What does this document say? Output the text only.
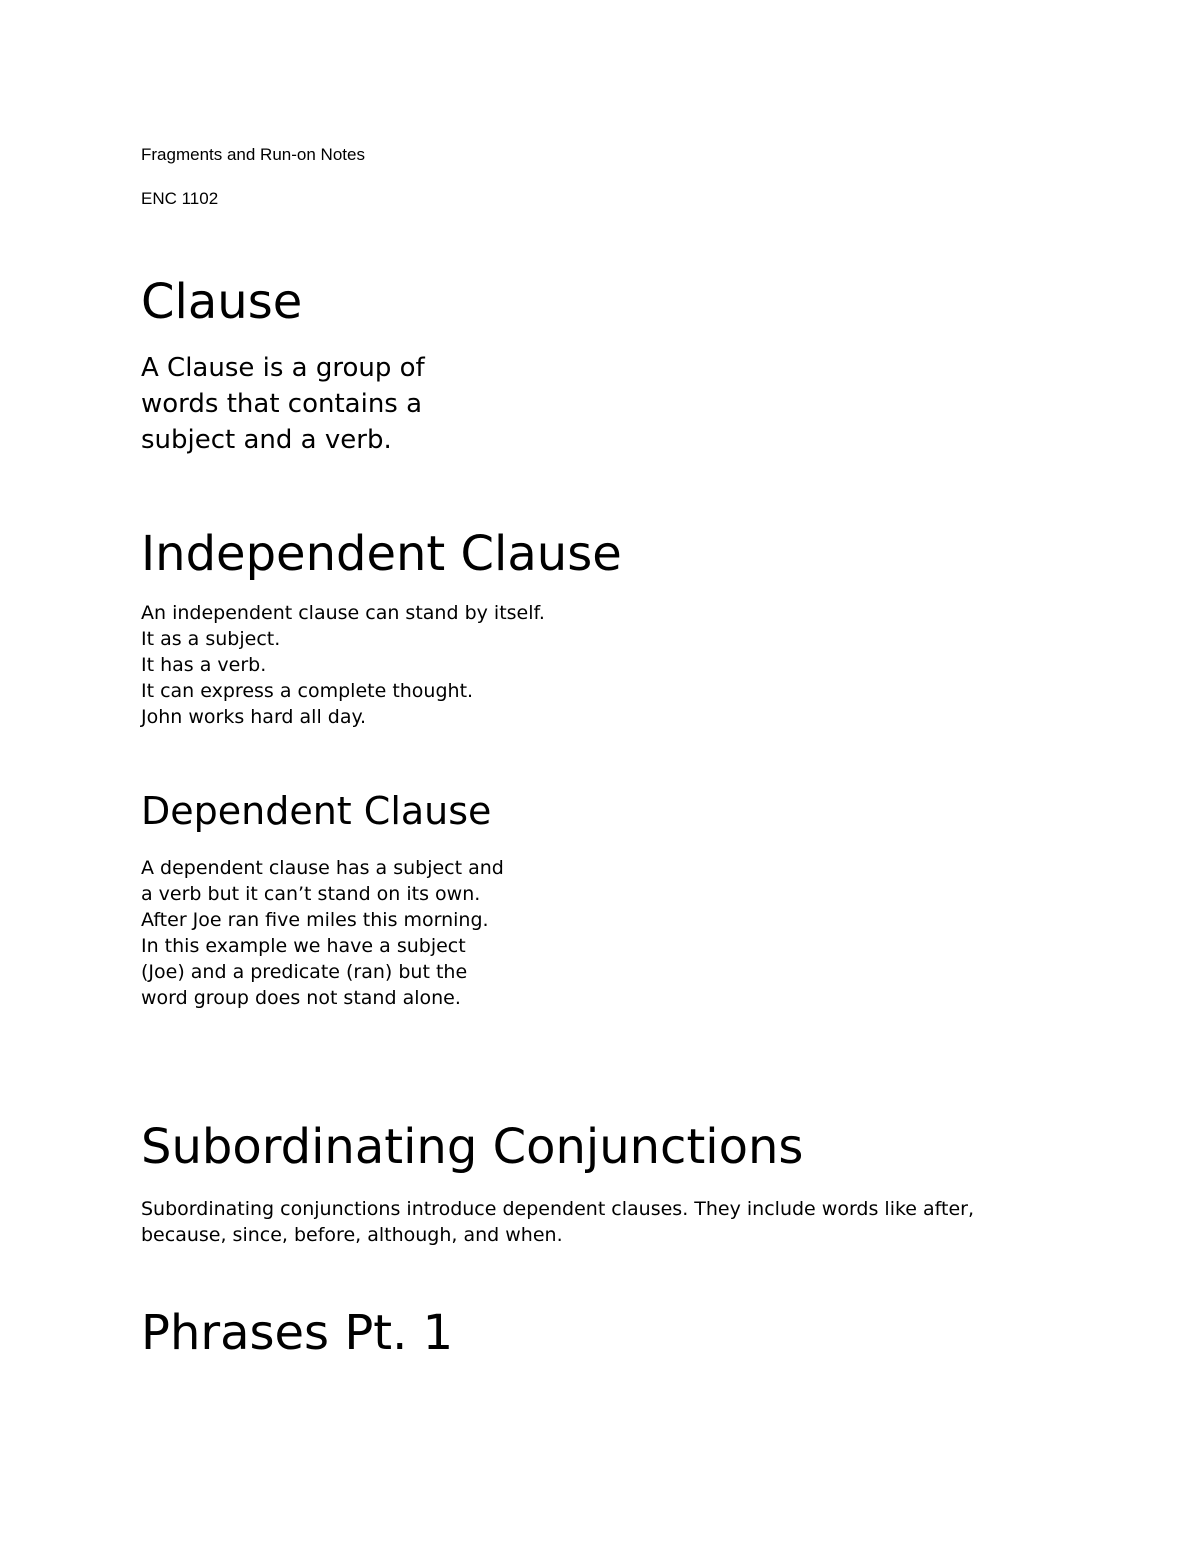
Fragments and Run-on Notes

ENC 1102

Clause

A Clause is a group of words that contains a subject and a verb.

Independent Clause

An independent clause can stand by itself.
It as a subject.
It has a verb.
It can express a complete thought.
John works hard all day.

Dependent Clause

A dependent clause has a subject and a verb but it can’t stand on its own.
After Joe ran five miles this morning.
In this example we have a subject (Joe) and a predicate (ran) but the word group does not stand alone.

Subordinating Conjunctions

Subordinating conjunctions introduce dependent clauses. They include words like after, because, since, before, although, and when.

Phrases Pt. 1
